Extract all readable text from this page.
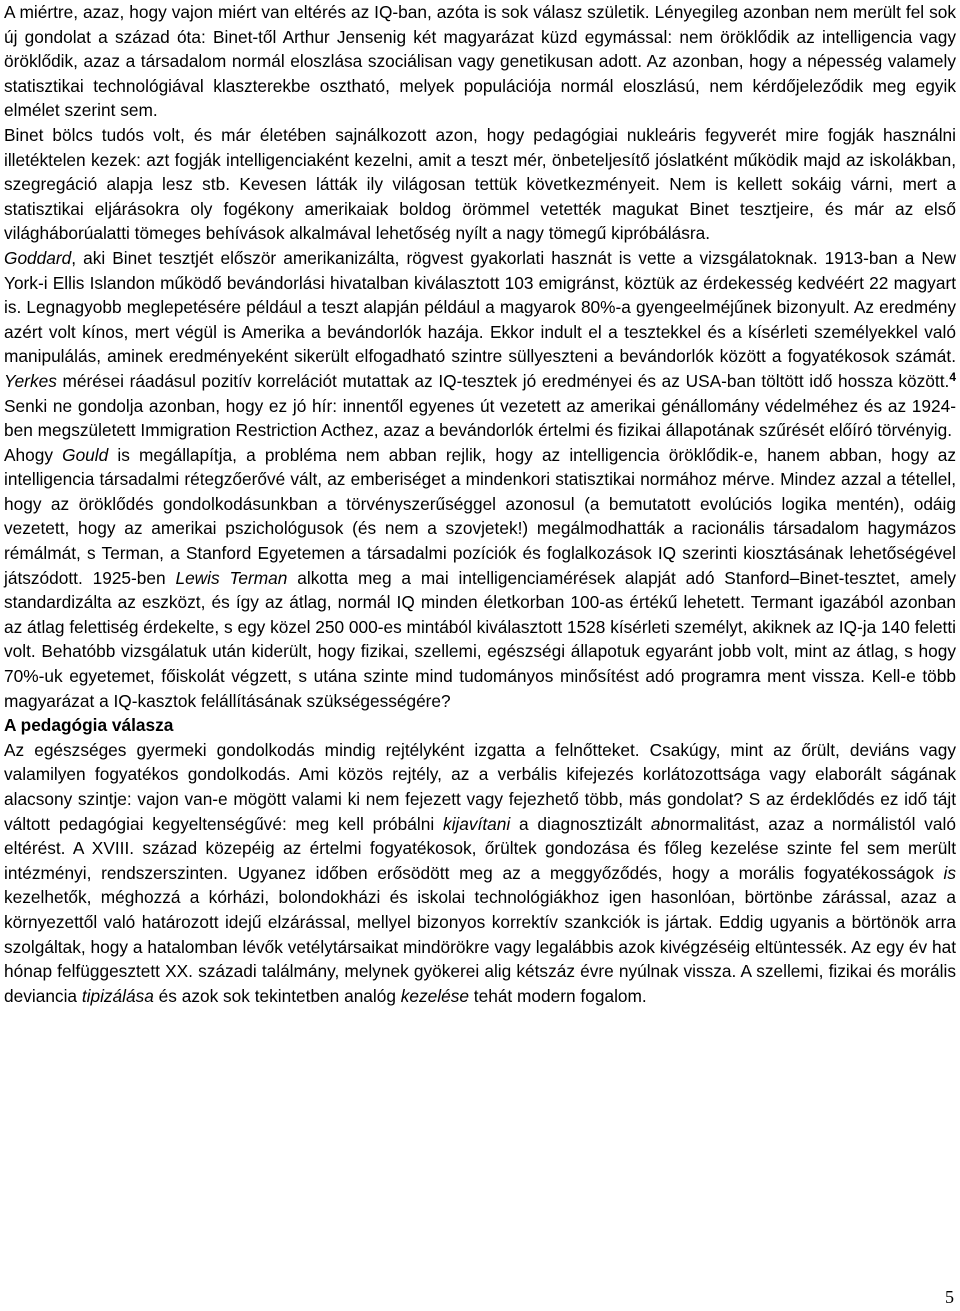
A miértre, azaz, hogy vajon miért van eltérés az IQ-ban, azóta is sok válasz születik. Lényegileg azonban nem merült fel sok új gondolat a század óta: Binet-től Arthur Jensenig két magyarázat küzd egymással: nem öröklődik az intelligencia vagy öröklődik, azaz a társadalom normál eloszlása szociálisan vagy genetikusan adott. Az azonban, hogy a népesség valamely statisztikai technológiával klaszterekbe osztható, melyek populációja normál eloszlású, nem kérdőjeleződik meg egyik elmélet szerint sem.

Binet bölcs tudós volt, és már életében sajnálkozott azon, hogy pedagógiai nukleáris fegyverét mire fogják használni illetéktelen kezek: azt fogják intelligenciaként kezelni, amit a teszt mér, önbeteljesítő jóslatként működik majd az iskolákban, szegregáció alapja lesz stb. Kevesen látták ily világosan tettük következményeit. Nem is kellett sokáig várni, mert a statisztikai eljárásokra oly fogékony amerikaiak boldog örömmel vetették magukat Binet tesztjeire, és már az első világháborúalatti tömeges behívások alkalmával lehetőség nyílt a nagy tömegű kipróbálásra.

Goddard, aki Binet tesztjét először amerikanizálta, rögvest gyakorlati hasznát is vette a vizsgálatoknak. 1913-ban a New York-i Ellis Islandon működő bevándorlási hivatalban kiválasztott 103 emigránst, köztük az érdekesség kedvéért 22 magyart is. Legnagyobb meglepetésére például a teszt alapján például a magyarok 80%-a gyengeelméjűnek bizonyult. Az eredmény azért volt kínos, mert végül is Amerika a bevándorlók hazája. Ekkor indult el a tesztekkel és a kísérleti személyekkel való manipulálás, aminek eredményeként sikerült elfogadható szintre süllyeszteni a bevándorlók között a fogyatékosok számát. Yerkes mérései ráadásul pozitív korrelációt mutattak az IQ-tesztek jó eredményei és az USA-ban töltött idő hossza között.$^4$ Senki ne gondolja azonban, hogy ez jó hír: innentől egyenes út vezetett az amerikai génállomány védelméhez és az 1924-ben megszületett Immigration Restriction Acthez, azaz a bevándorlók értelmi és fizikai állapotának szűrését előíró törvényig.

Ahogy Gould is megállapítja, a probléma nem abban rejlik, hogy az intelligencia öröklődik-e, hanem abban, hogy az intelligencia társadalmi rétegzőerővé vált, az emberiséget a mindenkori statisztikai normához mérve. Mindez azzal a tétellel, hogy az öröklődés gondolkodásunkban a törvényszerűséggel azonosul (a bemutatott evolúciós logika mentén), odáig vezetett, hogy az amerikai pszichológusok (és nem a szovjetek!) megálmodhatták a racionális társadalom hagymázos rémálmát, s Terman, a Stanford Egyetemen a társadalmi pozíciók és foglalkozások IQ szerinti kiosztásának lehetőségével játszódott. 1925-ben Lewis Terman alkotta meg a mai intelligenciamérések alapját adó Stanford–Binet-tesztet, amely standardizálta az eszközt, és így az átlag, normál IQ minden életkorban 100-as értékű lehetett. Termant igazából azonban az átlag felettiség érdekelte, s egy közel 250 000-es mintából kiválasztott 1528 kísérleti személyt, akiknek az IQ-ja 140 feletti volt. Behatóbb vizsgálatuk után kiderült, hogy fizikai, szellemi, egészségi állapotuk egyaránt jobb volt, mint az átlag, s hogy 70%-uk egyetemet, főiskolát végzett, s utána szinte mind tudományos minősítést adó programra ment vissza. Kell-e több magyarázat a IQ-kasztok felállításának szükségességére?

A pedagógia válasza

Az egészséges gyermeki gondolkodás mindig rejtélyként izgatta a felnőtteket. Csakúgy, mint az őrült, deviáns vagy valamilyen fogyatékos gondolkodás. Ami közös rejtély, az a verbális kifejezés korlátozottsága vagy elaborált ságának alacsony szintje: vajon van-e mögött valami ki nem fejezett vagy fejezhető több, más gondolat? S az érdeklődés ez idő tájt váltott pedagógiai kegyeltenségűvé: meg kell próbálni kijavítani a diagnosztizált abnormalitást, azaz a normálistól való eltérést. A XVIII. század közepéig az értelmi fogyatékosok, őrültek gondozása és főleg kezelése szinte fel sem merült intézményi, rendszerszinten. Ugyanez időben erősödött meg az a meggyőződés, hogy a morális fogyatékosságok is kezelhetők, méghozzá a kórházi, bolondokházi és iskolai technológiákhoz igen hasonlóan, börtönbe zárással, azaz a környezettől való határozott idejű elzárással, mellyel bizonyos korrektív szankciók is jártak. Eddig ugyanis a börtönök arra szolgáltak, hogy a hatalomban lévők vetélytársaikat mindörökre vagy legalábbis azok kivégzéséig eltüntessék. Az egy év hat hónap felfüggesztett XX. századi találmány, melynek gyökerei alig kétszáz évre nyúlnak vissza. A szellemi, fizikai és morális deviancia tipizálása és azok sok tekintetben analóg kezelése tehát modern fogalom.

5
